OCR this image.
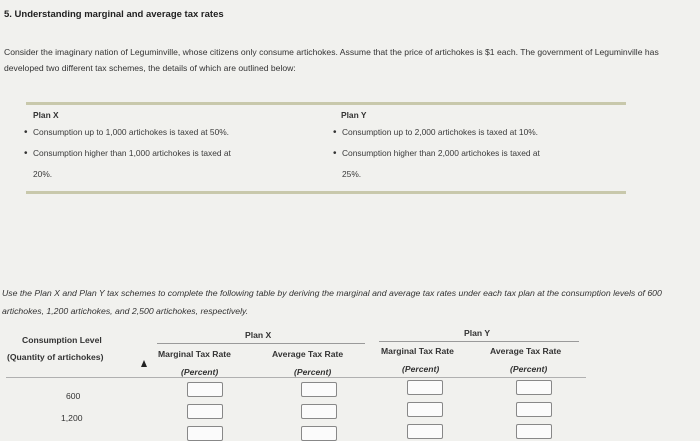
5. Understanding marginal and average tax rates
Consider the imaginary nation of Leguminville, whose citizens only consume artichokes. Assume that the price of artichokes is $1 each. The government of Leguminville has developed two different tax schemes, the details of which are outlined below:
Plan X
• Consumption up to 1,000 artichokes is taxed at 50%.
• Consumption higher than 1,000 artichokes is taxed at
20%.
Plan Y
• Consumption up to 2,000 artichokes is taxed at 10%.
• Consumption higher than 2,000 artichokes is taxed at
25%.
Use the Plan X and Plan Y tax schemes to complete the following table by deriving the marginal and average tax rates under each tax plan at the consumption levels of 600 artichokes, 1,200 artichokes, and 2,500 artichokes, respectively.
Consumption Level
(Quantity of artichokes)
Plan X	Plan Y
Marginal Tax Rate
(Percent)
Average Tax Rate
(Percent)
Marginal Tax Rate
(Percent)
Average Tax Rate
(Percent)
600
1,200
